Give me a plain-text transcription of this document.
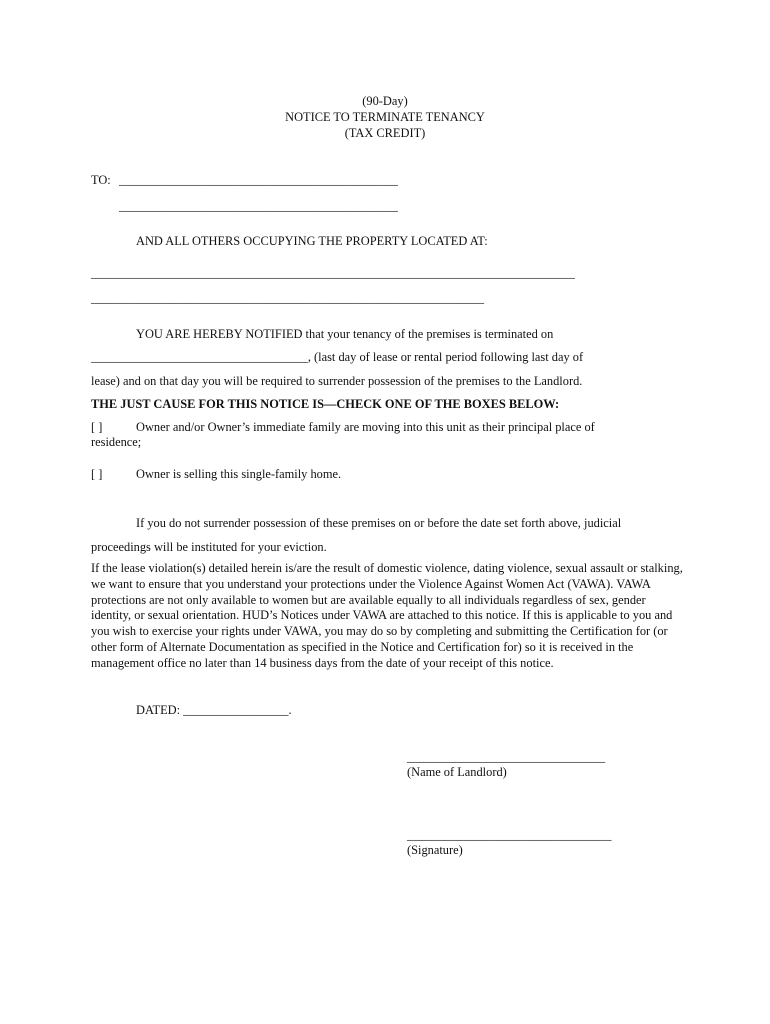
(90-Day)
NOTICE TO TERMINATE TENANCY
(TAX CREDIT)
TO: _____________________________________________
_____________________________________________
AND ALL OTHERS OCCUPYING THE PROPERTY LOCATED AT:
________________________________________________________________________________
_________________________________________________________________
YOU ARE HEREBY NOTIFIED that your tenancy of the premises is terminated on
___________________________________, (last day of lease or rental period following last day of
lease) and on that day you will be required to surrender possession of the premises to the Landlord.
THE JUST CAUSE FOR THIS NOTICE IS—CHECK ONE OF THE BOXES BELOW:
[ ]	Owner and/or Owner’s immediate family are moving into this unit as their principal place of
residence;
[ ]	Owner is selling this single-family home.
If you do not surrender possession of these premises on or before the date set forth above, judicial
proceedings will be instituted for your eviction.
If the lease violation(s) detailed herein is/are the result of domestic violence, dating violence, sexual assault or stalking, we want to ensure that you understand your protections under the Violence Against Women Act (VAWA). VAWA protections are not only available to women but are available equally to all individuals regardless of sex, gender identity, or sexual orientation. HUD’s Notices under VAWA are attached to this notice. If this is applicable to you and you wish to exercise your rights under VAWA, you may do so by completing and submitting the Certification for (or other form of Alternate Documentation as specified in the Notice and Certification for) so it is received in the management office no later than 14 business days from the date of your receipt of this notice.
DATED: _________________.
________________________________
(Name of Landlord)
_________________________________
(Signature)
